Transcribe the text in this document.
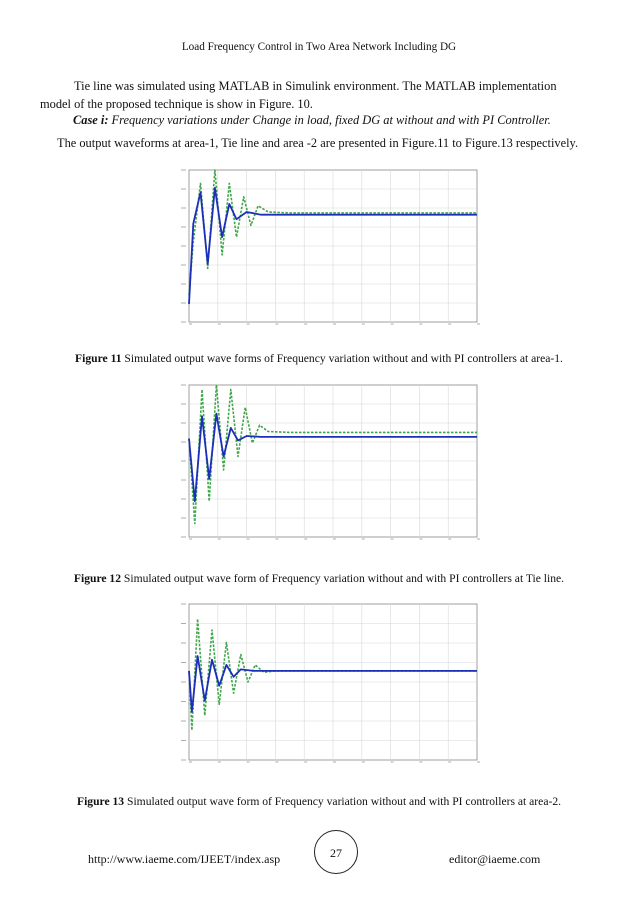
Load Frequency Control in Two Area Network Including DG
Tie line was simulated using MATLAB in Simulink environment. The MATLAB implementation
model of the proposed technique is show in Figure. 10.
Case i: Frequency variations under Change in load, fixed DG at without and with PI Controller.
The output waveforms at area-1, Tie line and area -2 are presented in Figure.11 to Figure.13 respectively.
Figure 11 Simulated output wave forms of Frequency variation without and with PI controllers at area-1.
Figure 12 Simulated output wave form of Frequency variation without and with PI controllers at Tie line.
Figure 13 Simulated output wave form of Frequency variation without and with PI controllers at area-2.
http://www.iaeme.com/IJEET/index.asp	27	editor@iaeme.com
